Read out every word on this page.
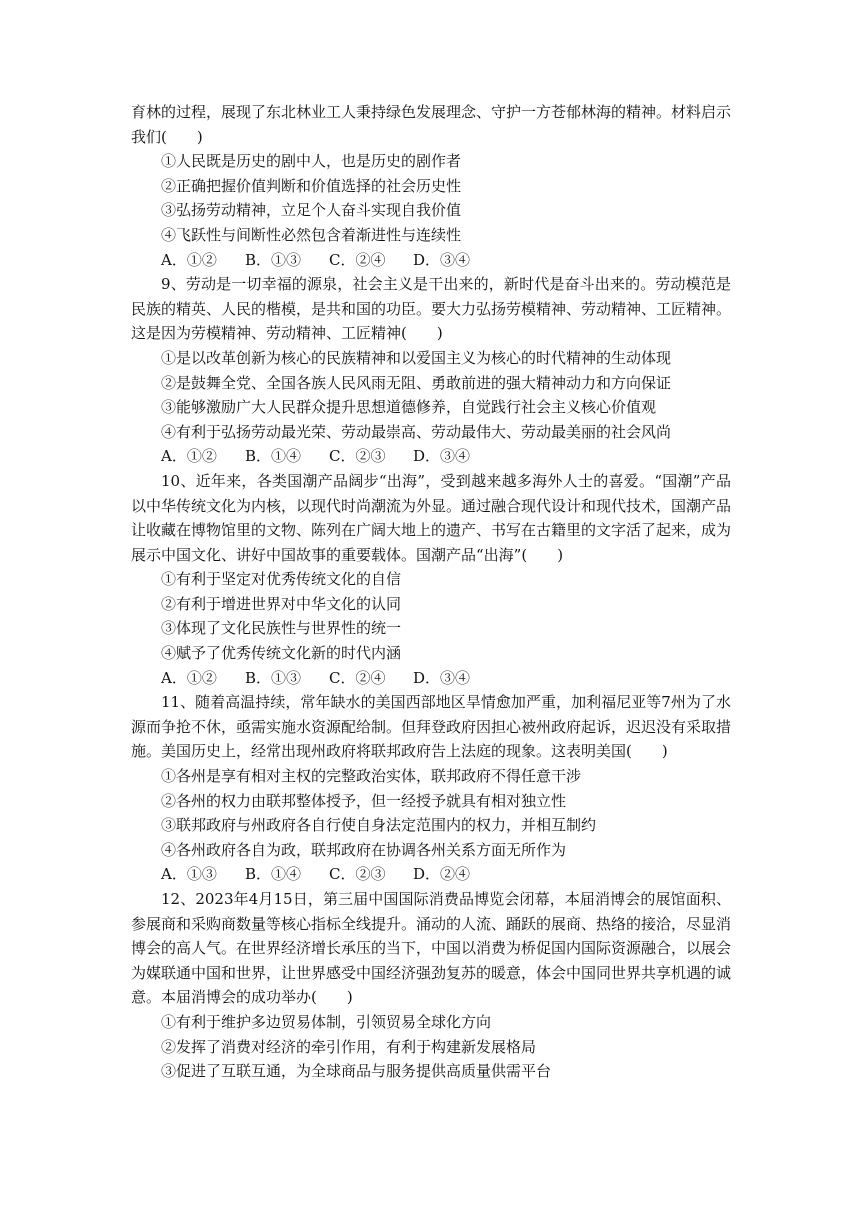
育林的过程，展现了东北林业工人秉持绿色发展理念、守护一方苍郁林海的精神。材料启示我们(　　)

①人民既是历史的剧中人，也是历史的剧作者

②正确把握价值判断和价值选择的社会历史性

③弘扬劳动精神，立足个人奋斗实现自我价值

④飞跃性与间断性必然包含着渐进性与连续性

A．①②	B．①③	C．②④	D．③④

9、劳动是一切幸福的源泉，社会主义是干出来的，新时代是奋斗出来的。劳动模范是民族的精英、人民的楷模，是共和国的功臣。要大力弘扬劳模精神、劳动精神、工匠精神。这是因为劳模精神、劳动精神、工匠精神(　　)

①是以改革创新为核心的民族精神和以爱国主义为核心的时代精神的生动体现

②是鼓舞全党、全国各族人民风雨无阻、勇敢前进的强大精神动力和方向保证

③能够激励广大人民群众提升思想道德修养，自觉践行社会主义核心价值观

④有利于弘扬劳动最光荣、劳动最崇高、劳动最伟大、劳动最美丽的社会风尚

A．①②	B．①④	C．②③	D．③④

10、近年来，各类国潮产品阔步“出海”，受到越来越多海外人士的喜爱。“国潮”产品以中华传统文化为内核，以现代时尚潮流为外显。通过融合现代设计和现代技术，国潮产品让收藏在博物馆里的文物、陈列在广阔大地上的遗产、书写在古籍里的文字活了起来，成为展示中国文化、讲好中国故事的重要载体。国潮产品“出海”(　　)

①有利于坚定对优秀传统文化的自信

②有利于增进世界对中华文化的认同

③体现了文化民族性与世界性的统一

④赋予了优秀传统文化新的时代内涵

A．①②	B．①③	C．②④	D．③④

11、随着高温持续，常年缺水的美国西部地区旱情愈加严重，加利福尼亚等7州为了水源而争抢不休，亟需实施水资源配给制。但拜登政府因担心被州政府起诉，迟迟没有采取措施。美国历史上，经常出现州政府将联邦政府告上法庭的现象。这表明美国(　　)

①各州是享有相对主权的完整政治实体，联邦政府不得任意干涉

②各州的权力由联邦整体授予，但一经授予就具有相对独立性

③联邦政府与州政府各自行使自身法定范围内的权力，并相互制约

④各州政府各自为政，联邦政府在协调各州关系方面无所作为

A．①③	B．①④	C．②③	D．②④

12、2023年4月15日，第三届中国国际消费品博览会闭幕，本届消博会的展馆面积、参展商和采购商数量等核心指标全线提升。涌动的人流、踊跃的展商、热络的接洽，尽显消博会的高人气。在世界经济增长承压的当下，中国以消费为桥促国内国际资源融合，以展会为媒联通中国和世界，让世界感受中国经济强劲复苏的暖意，体会中国同世界共享机遇的诚意。本届消博会的成功举办(　　)

①有利于维护多边贸易体制，引领贸易全球化方向

②发挥了消费对经济的牵引作用，有利于构建新发展格局

③促进了互联互通，为全球商品与服务提供高质量供需平台
